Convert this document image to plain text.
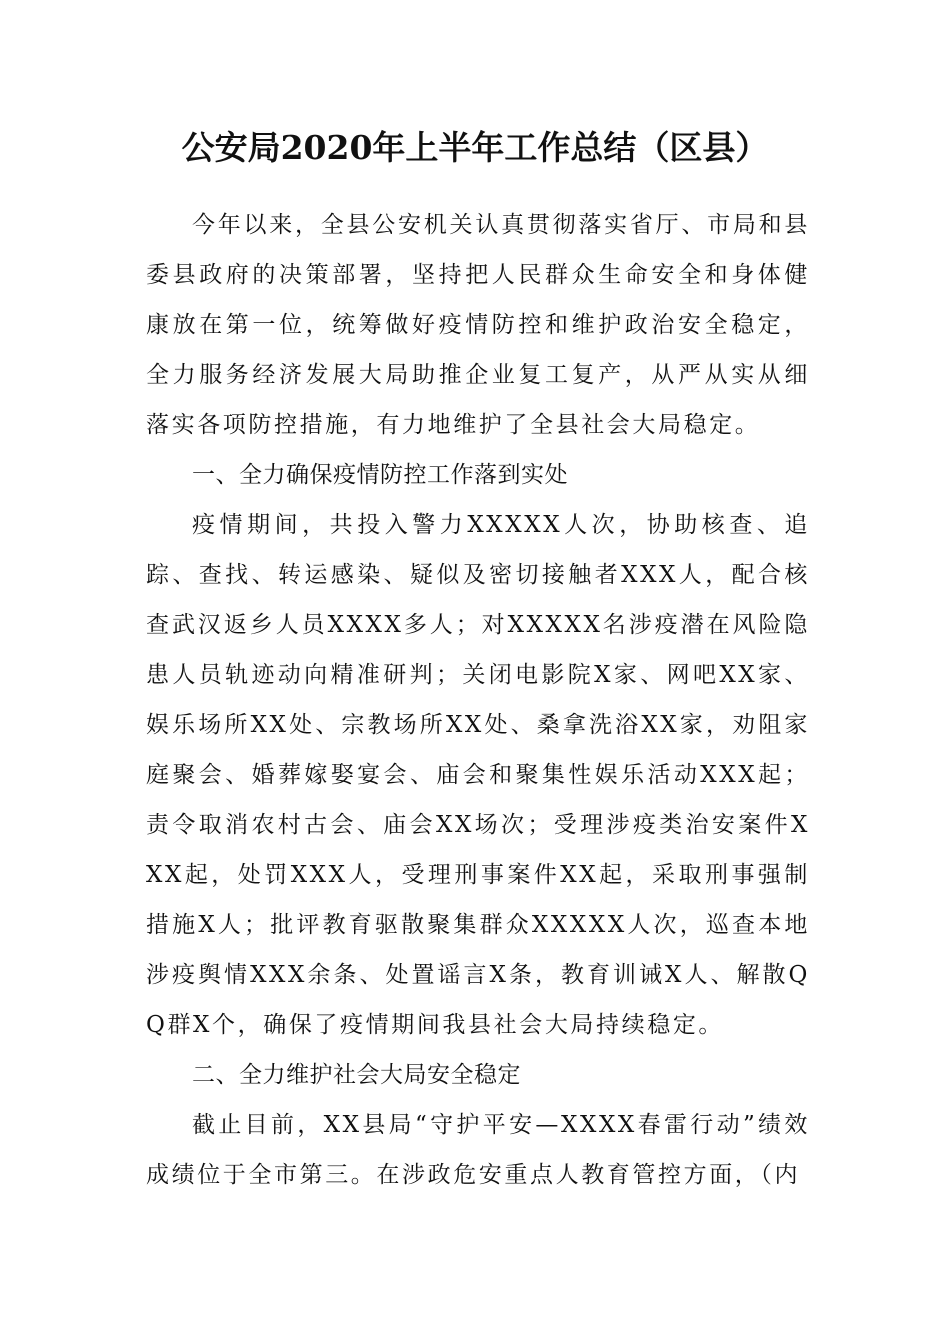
公安局2020年上半年工作总结（区县）

今年以来，全县公安机关认真贯彻落实省厅、市局和县委县政府的决策部署，坚持把人民群众生命安全和身体健康放在第一位，统筹做好疫情防控和维护政治安全稳定，全力服务经济发展大局助推企业复工复产，从严从实从细落实各项防控措施，有力地维护了全县社会大局稳定。

一、全力确保疫情防控工作落到实处

疫情期间，共投入警力XXXXX人次，协助核查、追踪、查找、转运感染、疑似及密切接触者XXX人，配合核查武汉返乡人员XXXX多人；对XXXXX名涉疫潜在风险隐患人员轨迹动向精准研判；关闭电影院X家、网吧XX家、娱乐场所XX处、宗教场所XX处、桑拿洗浴XX家，劝阻家庭聚会、婚葬嫁娶宴会、庙会和聚集性娱乐活动XXX起；责令取消农村古会、庙会XX场次；受理涉疫类治安案件XXX起，处罚XXX人，受理刑事案件XX起，采取刑事强制措施X人；批评教育驱散聚集群众XXXXX人次，巡查本地涉疫舆情XXX余条、处置谣言X条，教育训诫X人、解散QQ群X个，确保了疫情期间我县社会大局持续稳定。

二、全力维护社会大局安全稳定

截止目前，XX县局“守护平安—XXXX春雷行动”绩效成绩位于全市第三。在涉政危安重点人教育管控方面，（内
